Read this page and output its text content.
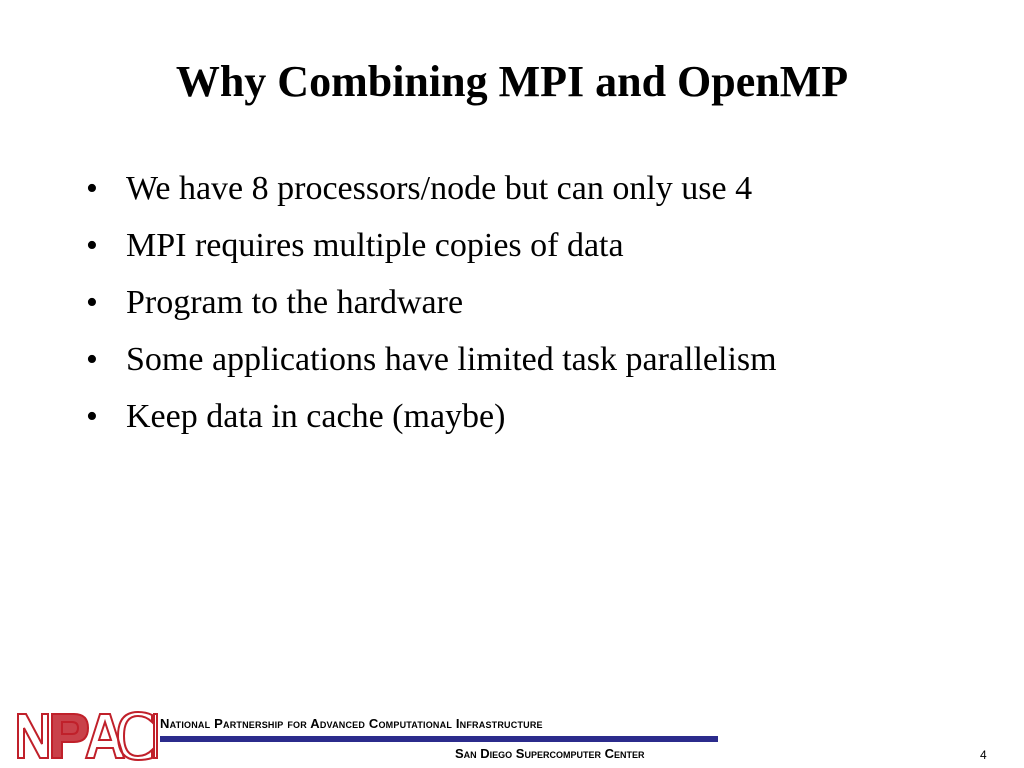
Why Combining MPI and OpenMP
• We have 8 processors/node but can only use 4
• MPI requires multiple copies of data
• Program to the hardware
• Some applications have limited task parallelism
• Keep data in cache (maybe)
National Partnership for Advanced Computational Infrastructure
San Diego Supercomputer Center	4
